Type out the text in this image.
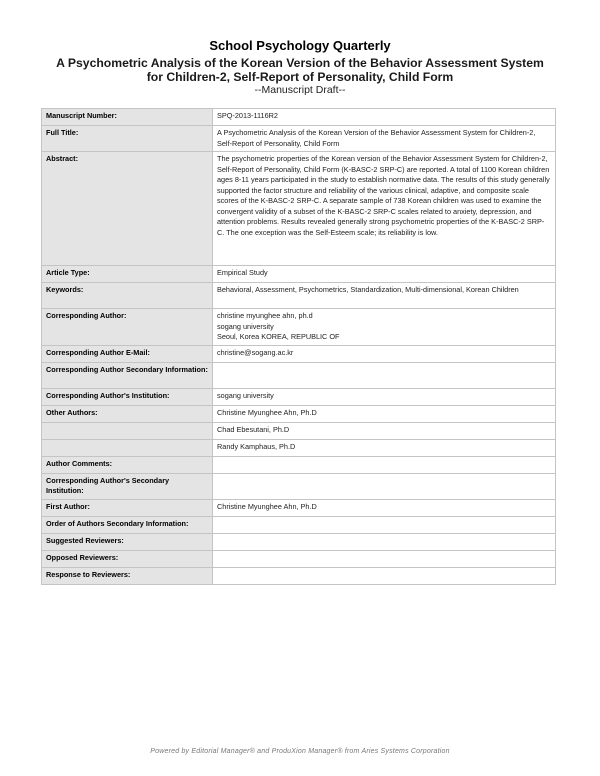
School Psychology Quarterly
A Psychometric Analysis of the Korean Version of the Behavior Assessment System
for Children-2, Self-Report of Personality, Child Form
--Manuscript Draft--
Manuscript Number:	SPQ-2013-1116R2

Full Title:	A Psychometric Analysis of the Korean Version of the Behavior Assessment System for Children-2, Self-Report of Personality, Child Form

Abstract:	The psychometric properties of the Korean version of the Behavior Assessment System for Children-2, Self-Report of Personality, Child Form (K-BASC-2 SRP-C) are reported. A total of 1100 Korean children ages 8-11 years participated in the study to establish normative data. The results of this study generally supported the factor structure and reliability of the various clinical, adaptive, and composite scale scores of the K-BASC-2 SRP-C. A separate sample of 738 Korean children was used to examine the convergent validity of a subset of the K-BASC-2 SRP-C scales related to anxiety, depression, and attention problems. Results revealed generally strong psychometric properties of the K-BASC-2 SRP-C. The one exception was the Self-Esteem scale; its reliability is low.

Article Type:	Empirical Study

Keywords:	Behavioral, Assessment, Psychometrics, Standardization, Multi-dimensional, Korean Children

Corresponding Author:	christine myunghee ahn, ph.d
sogang university
Seoul, Korea KOREA, REPUBLIC OF

Corresponding Author E-Mail:	christine@sogang.ac.kr

Corresponding Author Secondary Information:	

Corresponding Author's Institution:	sogang university

Other Authors:	Christine Myunghee Ahn, Ph.D

	Chad Ebesutani, Ph.D

	Randy Kamphaus, Ph.D

Author Comments:	

Corresponding Author's Secondary Institution:	

First Author:	Christine Myunghee Ahn, Ph.D

Order of Authors Secondary Information:	

Suggested Reviewers:	

Opposed Reviewers:	

Response to Reviewers:	
Powered by Editorial Manager® and ProduXion Manager® from Aries Systems Corporation
